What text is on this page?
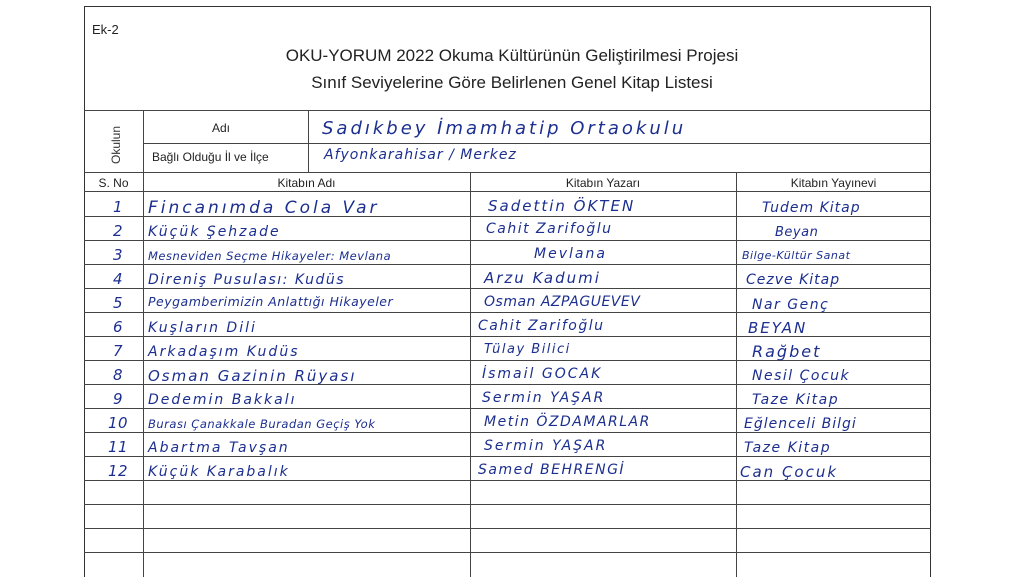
Ek-2
OKU-YORUM 2022 Okuma Kültürünün Geliştirilmesi Projesi
Sınıf Seviyelerine Göre Belirlenen Genel Kitap Listesi
Okulun	Adı	Sadıkbey İmamhatip Ortaokulu
Bağlı Olduğu İl ve İlçe	Afyonkarahisar / Merkez
S. No	Kitabın Adı	Kitabın Yazarı	Kitabın Yayınevi
1	Fincanımda Cola Var	Sadettin ÖKTEN	Tudem Kitap
2	Küçük Şehzade	Cahit Zarifoğlu	Beyan
3	Mesneviden Seçme Hikayeler: Mevlana	Mevlana	Bilge-Kültür Sanat
4	Direniş Pusulası: Kudüs	Arzu Kadumi	Cezve Kitap
5	Peygamberimizin Anlattığı Hikayeler	Osman AZPAGUEVEV	Nar Genç
6	Kuşların Dili	Cahit Zarifoğlu	BEYAN
7	Arkadaşım Kudüs	Tülay Bilici	Rağbet
8	Osman Gazinin Rüyası	İsmail GOCAK	Nesil Çocuk
9	Dedemin Bakkalı	Sermin YAŞAR	Taze Kitap
10	Burası Çanakkale Buradan Geçiş Yok	Metin ÖZDAMARLAR	Eğlenceli Bilgi
11	Abartma Tavşan	Sermin YAŞAR	Taze Kitap
12	Küçük Karabalık	Samed BEHRENGİ	Can Çocuk
